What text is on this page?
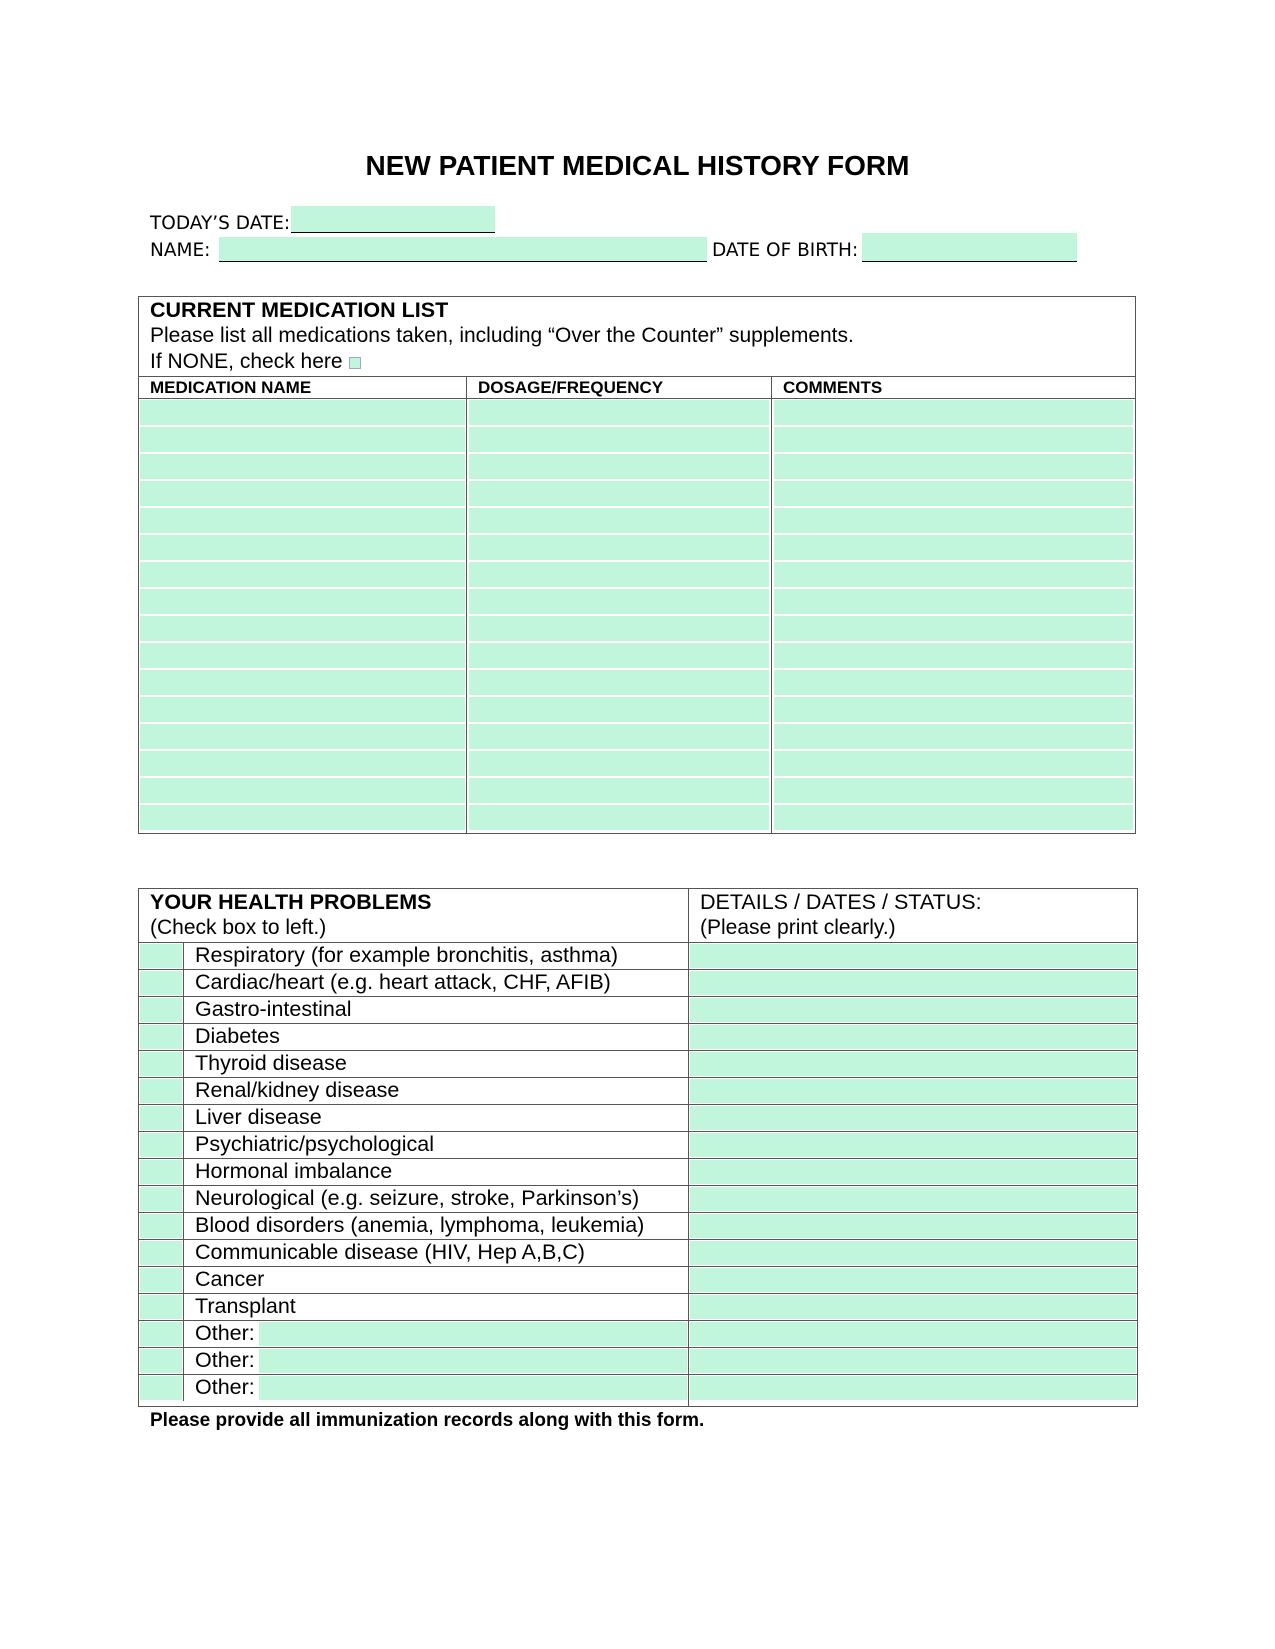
NEW PATIENT MEDICAL HISTORY FORM
TODAY’S DATE:
NAME:	DATE OF BIRTH:
CURRENT MEDICATION LIST
Please list all medications taken, including “Over the Counter” supplements.
If NONE, check here
MEDICATION NAME	DOSAGE/FREQUENCY	COMMENTS
YOUR HEALTH PROBLEMS
(Check box to left.)
DETAILS / DATES / STATUS:
(Please print clearly.)
Respiratory (for example bronchitis, asthma)
Cardiac/heart (e.g. heart attack, CHF, AFIB)
Gastro-intestinal
Diabetes
Thyroid disease
Renal/kidney disease
Liver disease
Psychiatric/psychological
Hormonal imbalance
Neurological (e.g. seizure, stroke, Parkinson’s)
Blood disorders (anemia, lymphoma, leukemia)
Communicable disease (HIV, Hep A,B,C)
Cancer
Transplant
Other:
Other:
Other:
Please provide all immunization records along with this form.
